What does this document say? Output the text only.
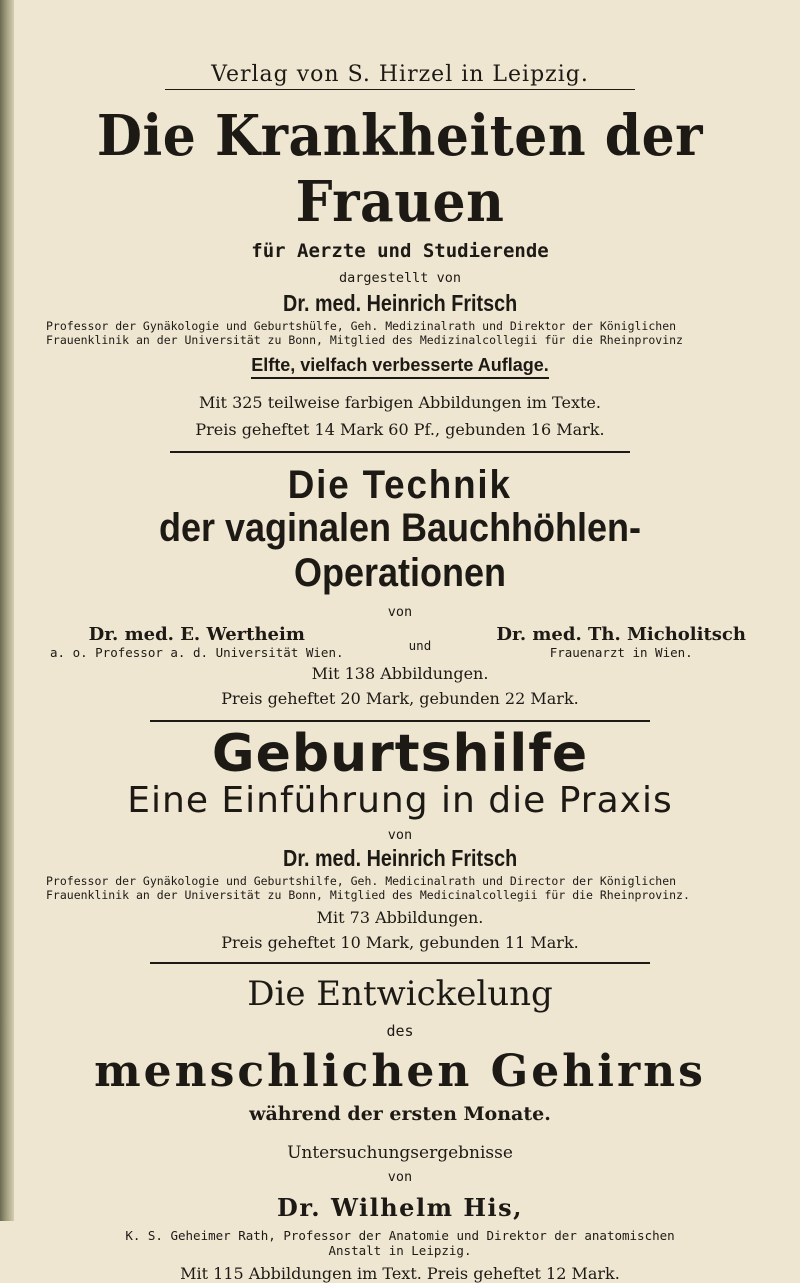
Verlag von S. Hirzel in Leipzig.
Die Krankheiten der Frauen
für Aerzte und Studierende
dargestellt von
Dr. med. Heinrich Fritsch
Professor der Gynäkologie und Geburtshülfe, Geh. Medizinalrath und Direktor der Königlichen
Frauenklinik an der Universität zu Bonn, Mitglied des Medizinalcollegii für die Rheinprovinz
Elfte, vielfach verbesserte Auflage.
Mit 325 teilweise farbigen Abbildungen im Texte.
Preis geheftet 14 Mark 60 Pf., gebunden 16 Mark.
Die Technik
der vaginalen Bauchhöhlen-Operationen
von
Dr. med. E. Wertheim
a. o. Professor a. d. Universität Wien.	und
Dr. med. Th. Micholitsch
Frauenarzt in Wien.
Mit 138 Abbildungen.
Preis geheftet 20 Mark, gebunden 22 Mark.
Geburtshilfe
Eine Einführung in die Praxis
von
Dr. med. Heinrich Fritsch
Professor der Gynäkologie und Geburtshilfe, Geh. Medicinalrath und Director der Königlichen
Frauenklinik an der Universität zu Bonn, Mitglied des Medicinalcollegii für die Rheinprovinz.
Mit 73 Abbildungen.
Preis geheftet 10 Mark, gebunden 11 Mark.
Die Entwickelung
des
menschlichen Gehirns
während der ersten Monate.
Untersuchungsergebnisse
von
Dr. Wilhelm His,
K. S. Geheimer Rath, Professor der Anatomie und Direktor der anatomischen
Anstalt in Leipzig.
Mit 115 Abbildungen im Text. Preis geheftet 12 Mark.
